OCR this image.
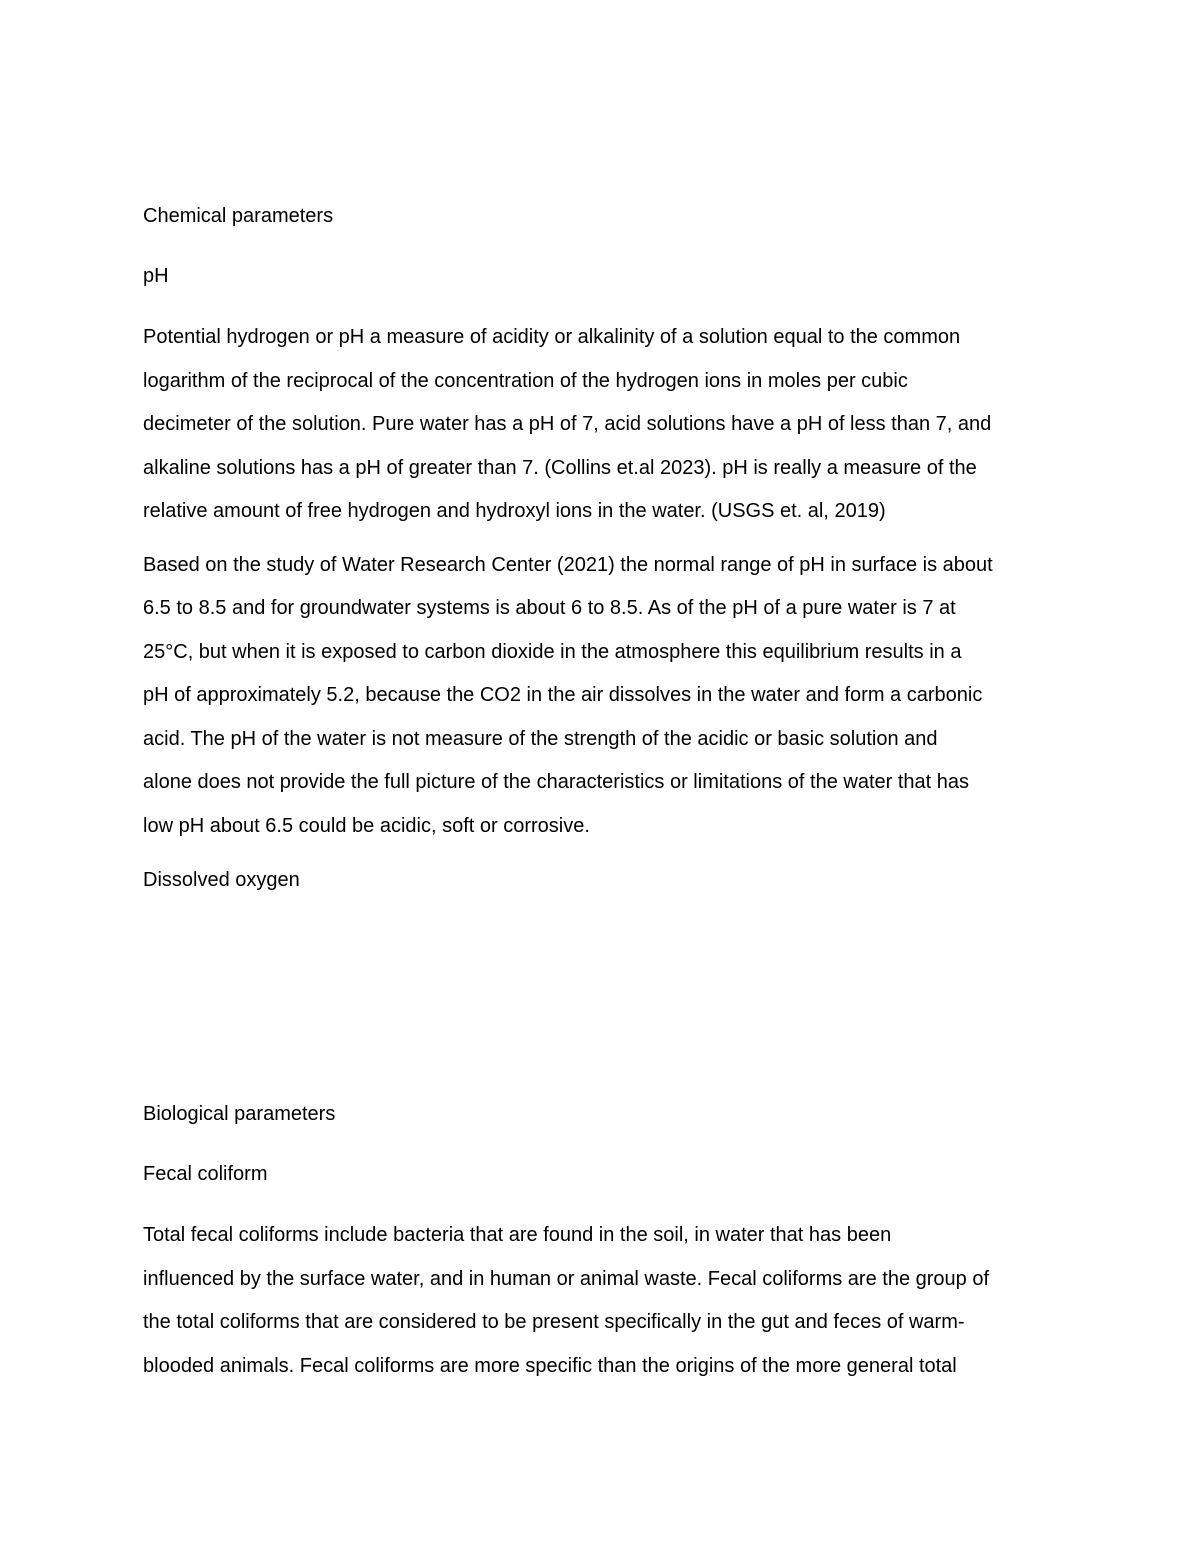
Chemical parameters

pH

Potential hydrogen or pH a measure of acidity or alkalinity of a solution equal to the common
logarithm of the reciprocal of the concentration of the hydrogen ions in moles per cubic
decimeter of the solution. Pure water has a pH of 7, acid solutions have a pH of less than 7, and
alkaline solutions has a pH of greater than 7. (Collins et.al 2023). pH is really a measure of the
relative amount of free hydrogen and hydroxyl ions in the water. (USGS et. al, 2019)

Based on the study of Water Research Center (2021) the normal range of pH in surface is about
6.5 to 8.5 and for groundwater systems is about 6 to 8.5. As of the pH of a pure water is 7 at
25°C, but when it is exposed to carbon dioxide in the atmosphere this equilibrium results in a
pH of approximately 5.2, because the CO2 in the air dissolves in the water and form a carbonic
acid. The pH of the water is not measure of the strength of the acidic or basic solution and
alone does not provide the full picture of the characteristics or limitations of the water that has
low pH about 6.5 could be acidic, soft or corrosive.

Dissolved oxygen

Biological parameters

Fecal coliform

Total fecal coliforms include bacteria that are found in the soil, in water that has been
influenced by the surface water, and in human or animal waste. Fecal coliforms are the group of
the total coliforms that are considered to be present specifically in the gut and feces of warm-
blooded animals. Fecal coliforms are more specific than the origins of the more general total
